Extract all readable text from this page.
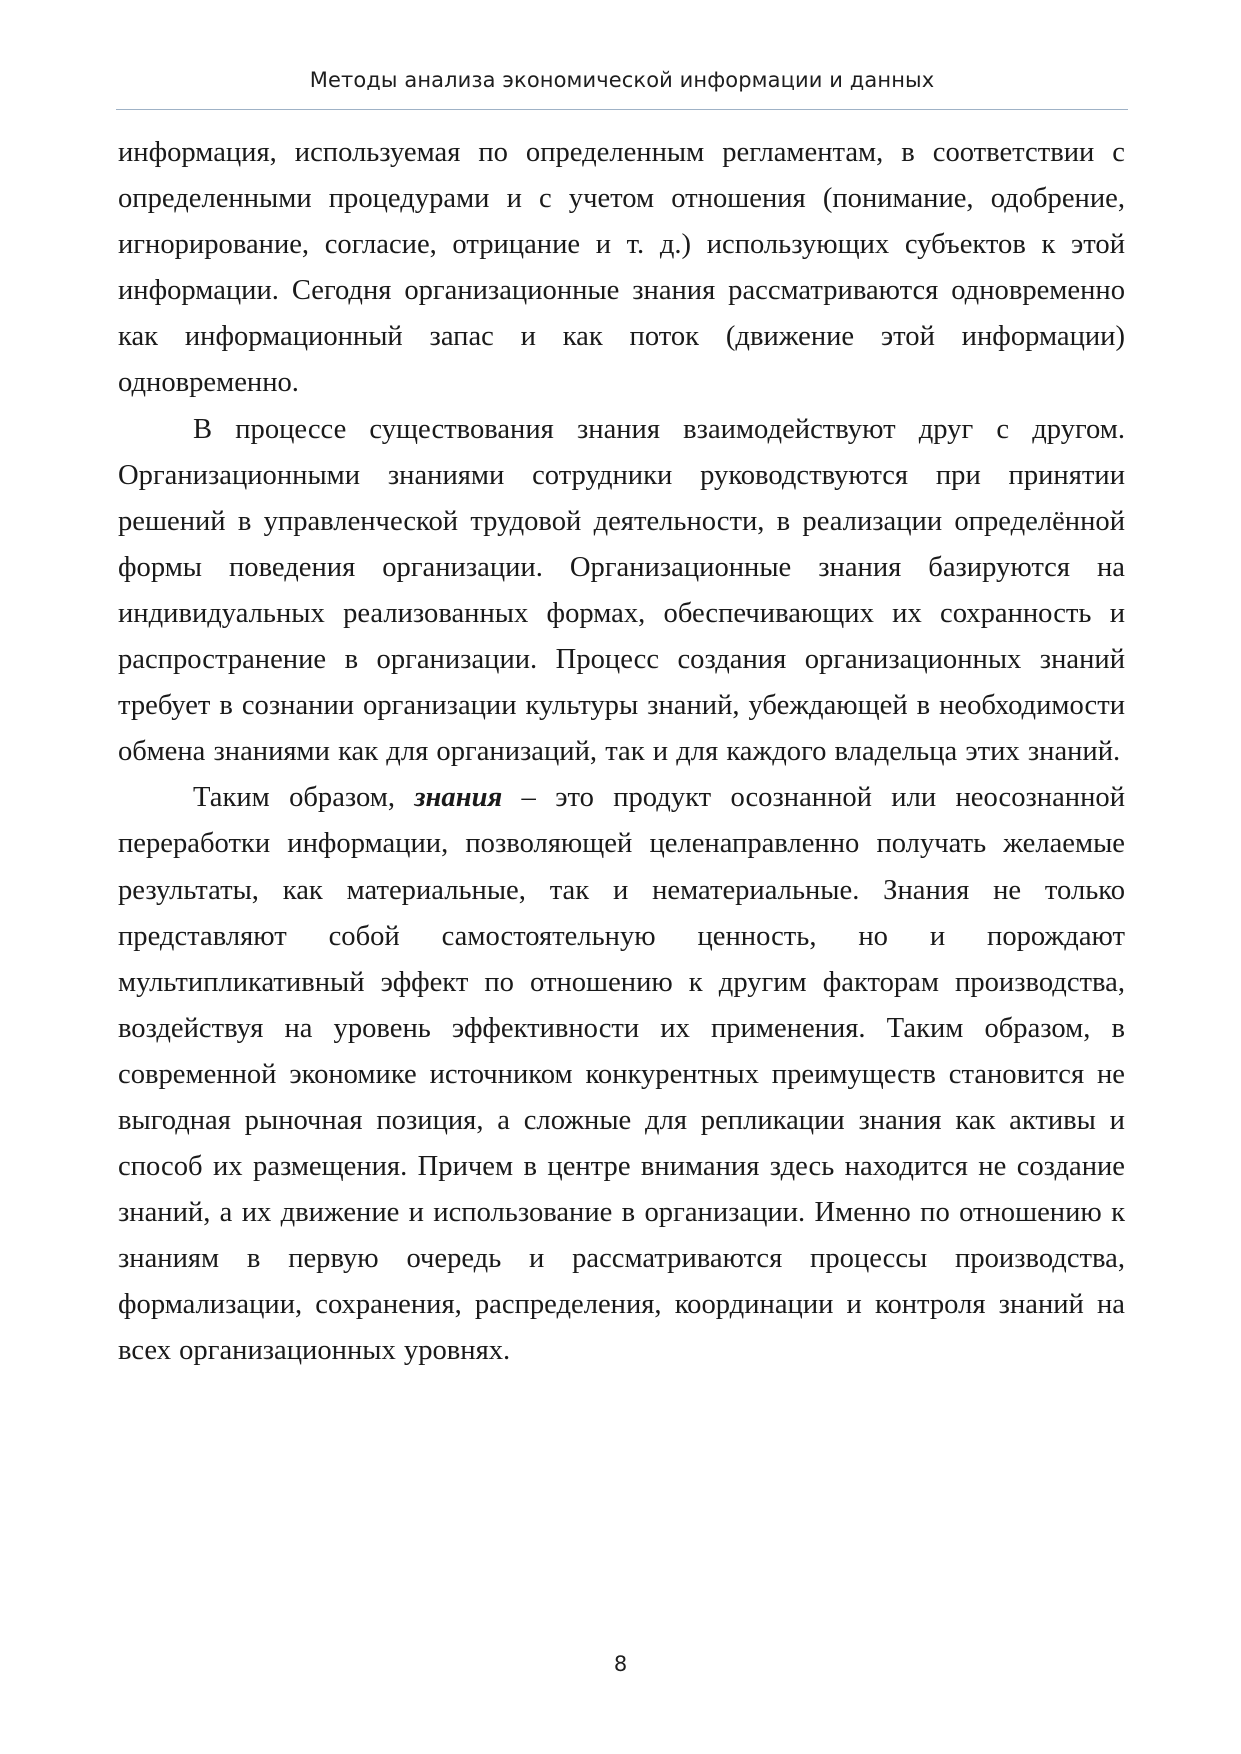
Методы анализа экономической информации и данных

информация, используемая по определенным регламентам, в соответствии с определенными процедурами и с учетом отношения (понимание, одобрение, игнорирование, согласие, отрицание и т. д.) использующих субъектов к этой информации. Сегодня организационные знания рассматриваются одновременно как информационный запас и как поток (движение этой информации) одновременно.

В процессе существования знания взаимодействуют друг с другом. Организационными знаниями сотрудники руководствуются при принятии решений в управленческой трудовой деятельности, в реализации определённой формы поведения организации. Организационные знания базируются на индивидуальных реализованных формах, обеспечивающих их сохранность и распространение в организации. Процесс создания организационных знаний требует в сознании организации культуры знаний, убеждающей в необходимости обмена знаниями как для организаций, так и для каждого владельца этих знаний.

Таким образом, знания – это продукт осознанной или неосознанной переработки информации, позволяющей целенаправленно получать желаемые результаты, как материальные, так и нематериальные. Знания не только представляют собой самостоятельную ценность, но и порождают мультипликативный эффект по отношению к другим факторам производства, воздействуя на уровень эффективности их применения. Таким образом, в современной экономике источником конкурентных преимуществ становится не выгодная рыночная позиция, а сложные для репликации знания как активы и способ их размещения. Причем в центре внимания здесь находится не создание знаний, а их движение и использование в организации. Именно по отношению к знаниям в первую очередь и рассматриваются процессы производства, формализации, сохранения, распределения, координации и контроля знаний на всех организационных уровнях.

8
